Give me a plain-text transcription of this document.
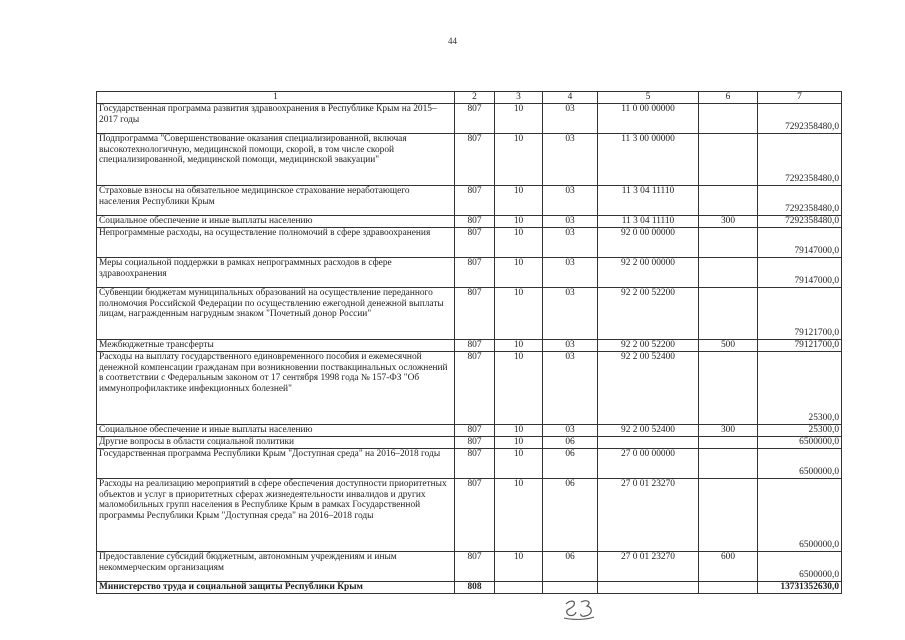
44
1	2	3	4	5	6	7
Государственная программа развития здравоохранения в Республике Крым на 2015–2017 годы	807	10	03	11 0 00 00000		7292358480,0
Подпрограмма "Совершенствование оказания специализированной, включая высокотехнологичную, медицинской помощи, скорой, в том числе скорой специализированной, медицинской помощи, медицинской эвакуации"	807	10	03	11 3 00 00000		7292358480,0
Страховые взносы на обязательное медицинское страхование неработающего населения Республики Крым	807	10	03	11 3 04 11110		7292358480,0
Социальное обеспечение и иные выплаты населению	807	10	03	11 3 04 11110	300	7292358480,0
Непрограммные расходы, на осуществление полномочий в сфере здравоохранения	807	10	03	92 0 00 00000		79147000,0
Меры социальной поддержки в рамках непрограммных расходов в сфере здравоохранения	807	10	03	92 2 00 00000		79147000,0
Субвенции бюджетам муниципальных образований на осуществление переданного полномочия Российской Федерации по осуществлению ежегодной денежной выплаты лицам, награжденным нагрудным знаком "Почетный донор России"	807	10	03	92 2 00 52200		79121700,0
Межбюджетные трансферты	807	10	03	92 2 00 52200	500	79121700,0
Расходы на выплату государственного единовременного пособия и ежемесячной денежной компенсации гражданам при возникновении поствакцинальных осложнений в соответствии с Федеральным законом от 17 сентября 1998 года № 157-ФЗ "Об иммунопрофилактике инфекционных болезней"	807	10	03	92 2 00 52400		25300,0
Социальное обеспечение и иные выплаты населению	807	10	03	92 2 00 52400	300	25300,0
Другие вопросы в области социальной политики	807	10	06			6500000,0
Государственная программа Республики Крым "Доступная среда" на 2016–2018 годы	807	10	06	27 0 00 00000		6500000,0
Расходы на реализацию мероприятий в сфере обеспечения доступности приоритетных объектов и услуг в приоритетных сферах жизнедеятельности инвалидов и других маломобильных групп населения в Республике Крым в рамках Государственной программы Республики Крым "Доступная среда" на 2016–2018 годы	807	10	06	27 0 01 23270		6500000,0
Предоставление субсидий бюджетным, автономным учреждениям и иным некоммерческим организациям	807	10	06	27 0 01 23270	600	6500000,0
Министерство труда и социальной защиты Республики Крым	808					13731352630,0
